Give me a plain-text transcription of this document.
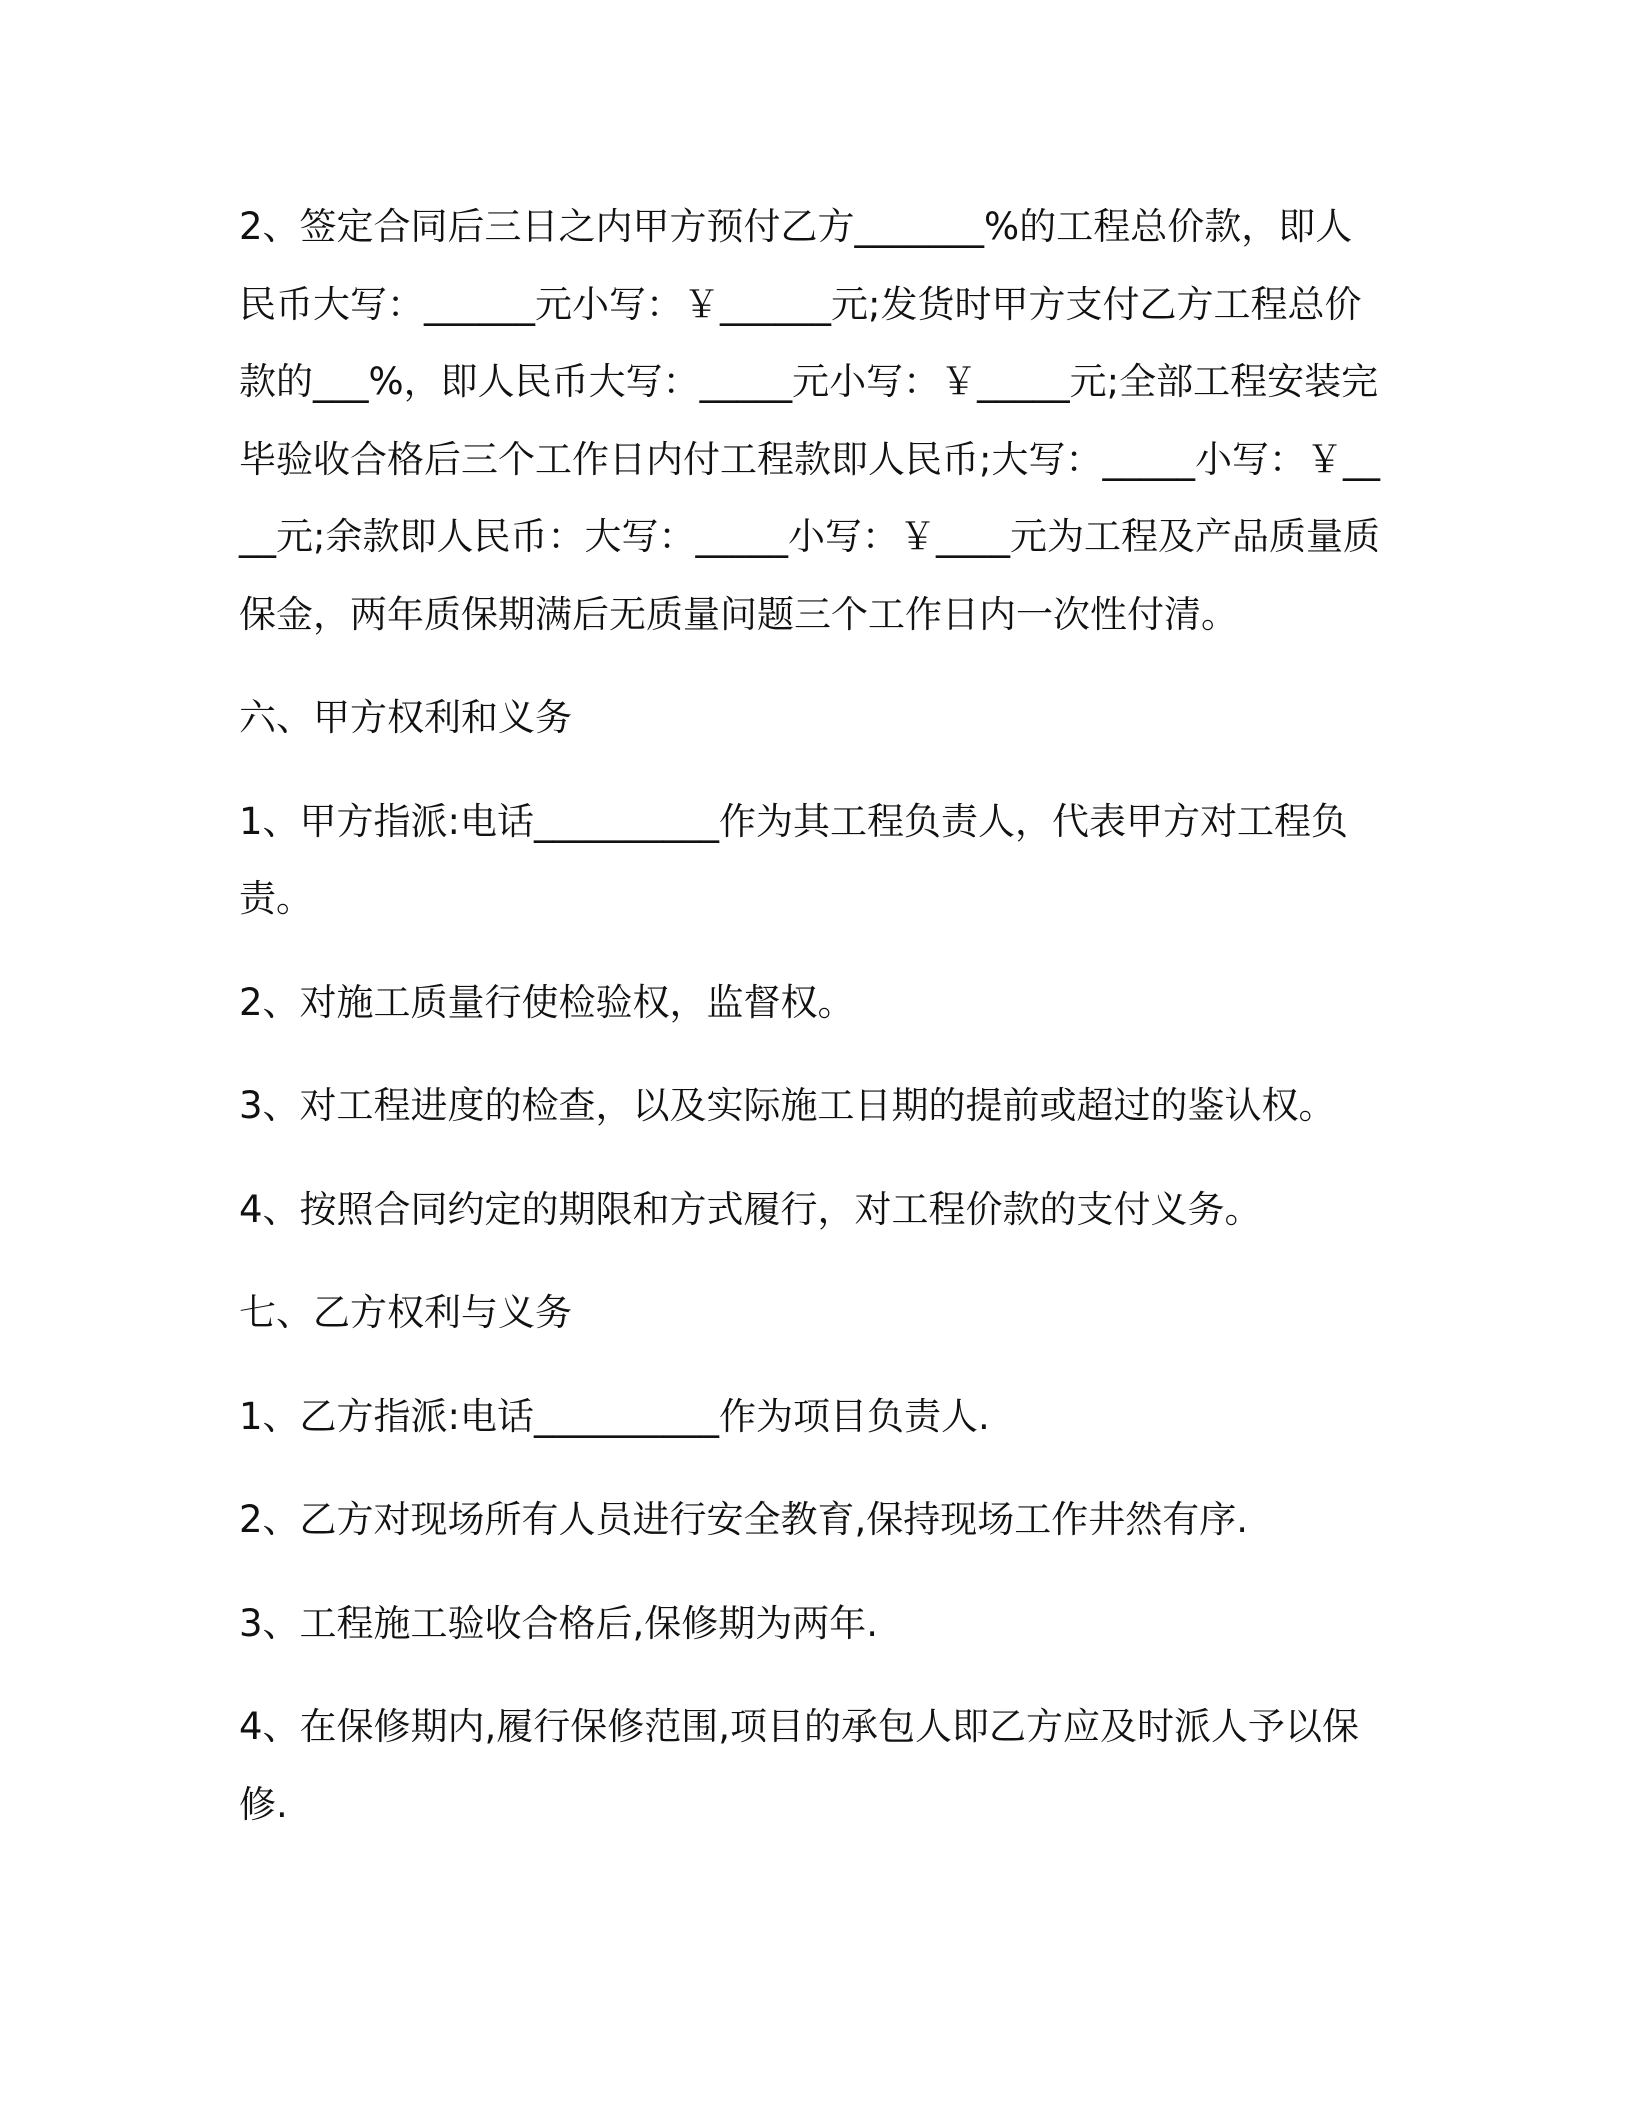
2、签定合同后三日之内甲方预付乙方_______%的工程总价款，即人民币大写：______元小写：￥______元;发货时甲方支付乙方工程总价款的___%，即人民币大写：_____元小写：￥_____元;全部工程安装完毕验收合格后三个工作日内付工程款即人民币;大写：_____小写：￥____元;余款即人民币：大写：_____小写：￥____元为工程及产品质量质保金，两年质保期满后无质量问题三个工作日内一次性付清。

六、甲方权利和义务

1、甲方指派:电话__________作为其工程负责人，代表甲方对工程负责。

2、对施工质量行使检验权，监督权。

3、对工程进度的检查，以及实际施工日期的提前或超过的鉴认权。

4、按照合同约定的期限和方式履行，对工程价款的支付义务。

七、乙方权利与义务

1、乙方指派:电话__________作为项目负责人.

2、乙方对现场所有人员进行安全教育,保持现场工作井然有序.

3、工程施工验收合格后,保修期为两年.

4、在保修期内,履行保修范围,项目的承包人即乙方应及时派人予以保修.
